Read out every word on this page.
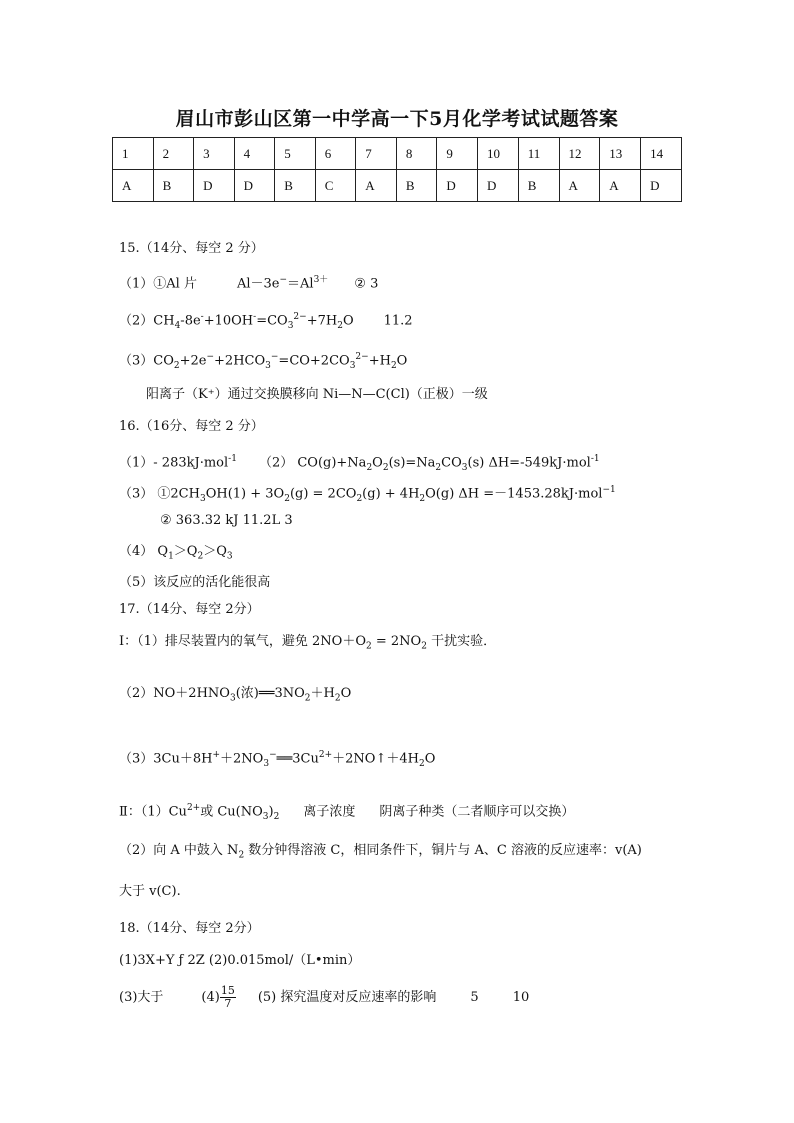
眉山市彭山区第一中学高一下5月化学考试试题答案
1	2	3	4	5	6	7	8	9	10	11	12	13	14
A	B	D	D	B	C	A	B	D	D	B	A	A	D
15.（14分、每空 2 分）
（1）①Al 片	$Al-3e^-=Al^{3+}$ ② 3
$(2)CH_4-8e^-+10OH^-=CO_3^{2-}+7H_2O$ 11.2
$(3)CO_2+2e^-+2HCO_3^-=CO+2CO_3^{2-}+H_2O$
阳离子（K⁺）通过交换膜移向 Ni—N—C(Cl)（正极）一级
16.（16分、每空 2 分）
（1）- 283kJ·mol$^{-1}$ （2） $CO(g)+Na_2O_2(s)=Na_2CO_3(s)$ ΔH=-549kJ·mol$^{-1}$
（3） $①2CH_3OH(1) + 3O_2(g) = 2CO_2(g) + 4H_2O(g)$ ΔH =－1453.28kJ·mol$^{-1}$
② 363.32 kJ 11.2L 3
（4） $Q_1>Q_2>Q_3$
（5）该反应的活化能很高
17.（14分、每空 2分）
Ⅰ：（1）排尽装置内的氧气，避免 $2NO+O_2 = 2NO_2$ 干扰实验．
$(2)NO+2HNO_3$(浓)$══3NO_2+H_2O$
$(3)3Cu+8H^++2NO_3^-══3Cu^{2+}+2NO↑+4H_2O$
Ⅱ：$(1)Cu^{2+}$或 $Cu(NO_3)_2$ 离子浓度 阴离子种类（二者顺序可以交换）
（2）向 A 中鼓入 $N_2$ 数分钟得溶液 C，相同条件下，铜片与 A、C 溶液的反应速率：v(A)
大于 v(C).
18.（14分、每空 2分）
(1)3X+Y ƒ 2Z (2)0.015mol/（L•min）
(3)大于	$(4) \frac{15}{7} (5)$ 探究温度对反应速率的影响	5	10
